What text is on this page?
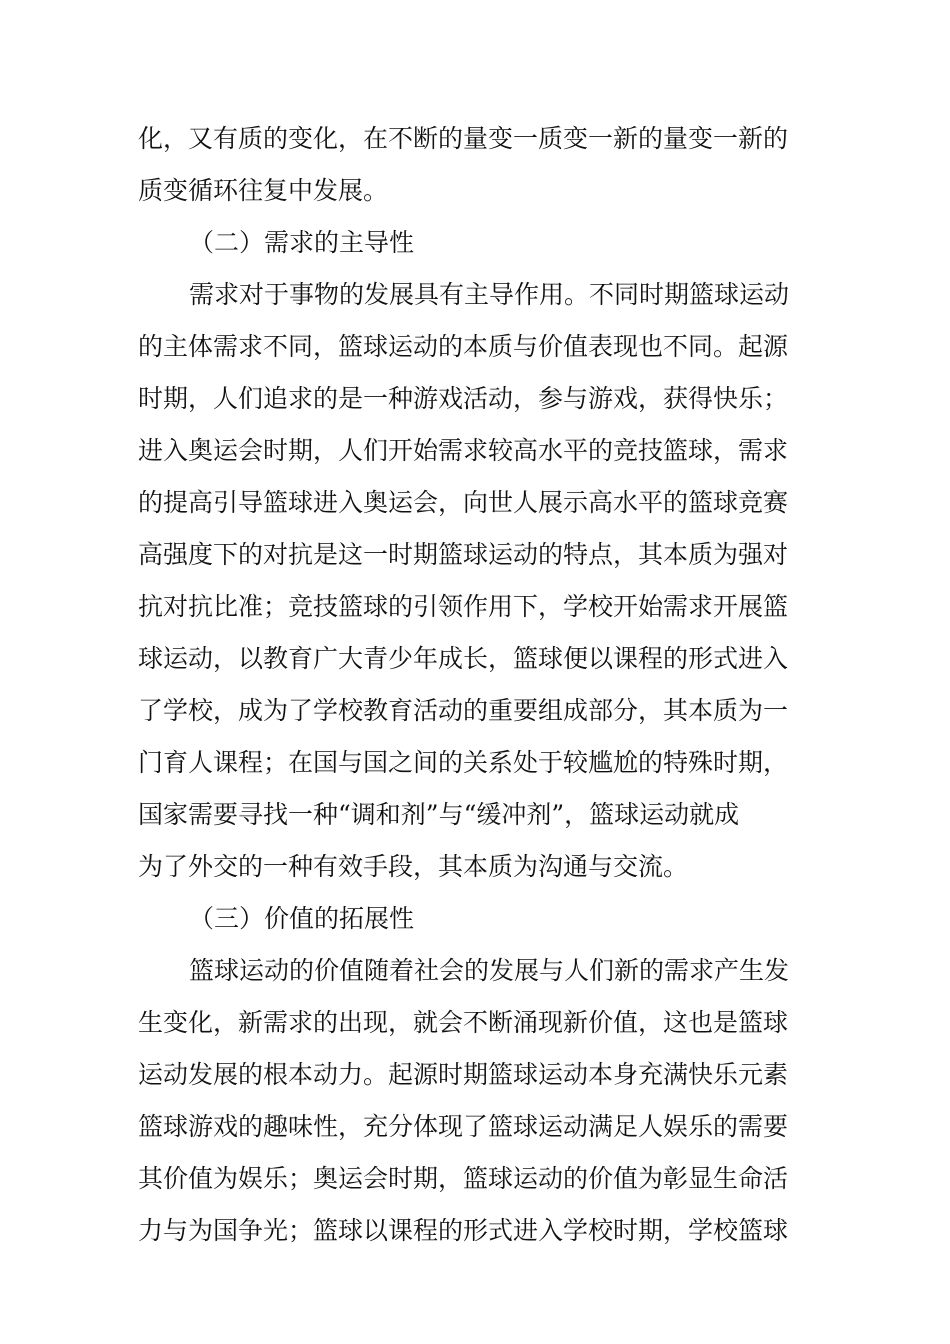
化，又有质的变化，在不断的量变一质变一新的量变一新的
质变循环往复中发展。
（二）需求的主导性
需求对于事物的发展具有主导作用。不同时期篮球运动
的主体需求不同，篮球运动的本质与价值表现也不同。起源
时期，人们追求的是一种游戏活动，参与游戏，获得快乐；
进入奥运会时期，人们开始需求较高水平的竞技篮球，需求
的提高引导篮球进入奥运会，向世人展示高水平的篮球竞赛
高强度下的对抗是这一时期篮球运动的特点，其本质为强对
抗对抗比准；竞技篮球的引领作用下，学校开始需求开展篮
球运动，以教育广大青少年成长，篮球便以课程的形式进入
了学校，成为了学校教育活动的重要组成部分，其本质为一
门育人课程；在国与国之间的关系处于较尴尬的特殊时期，
国家需要寻找一种“调和剂”与“缓冲剂”，篮球运动就成
为了外交的一种有效手段，其本质为沟通与交流。
（三）价值的拓展性
篮球运动的价值随着社会的发展与人们新的需求产生发
生变化，新需求的出现，就会不断涌现新价值，这也是篮球
运动发展的根本动力。起源时期篮球运动本身充满快乐元素
篮球游戏的趣味性，充分体现了篮球运动满足人娱乐的需要
其价值为娱乐；奥运会时期，篮球运动的价值为彰显生命活
力与为国争光；篮球以课程的形式进入学校时期，学校篮球
